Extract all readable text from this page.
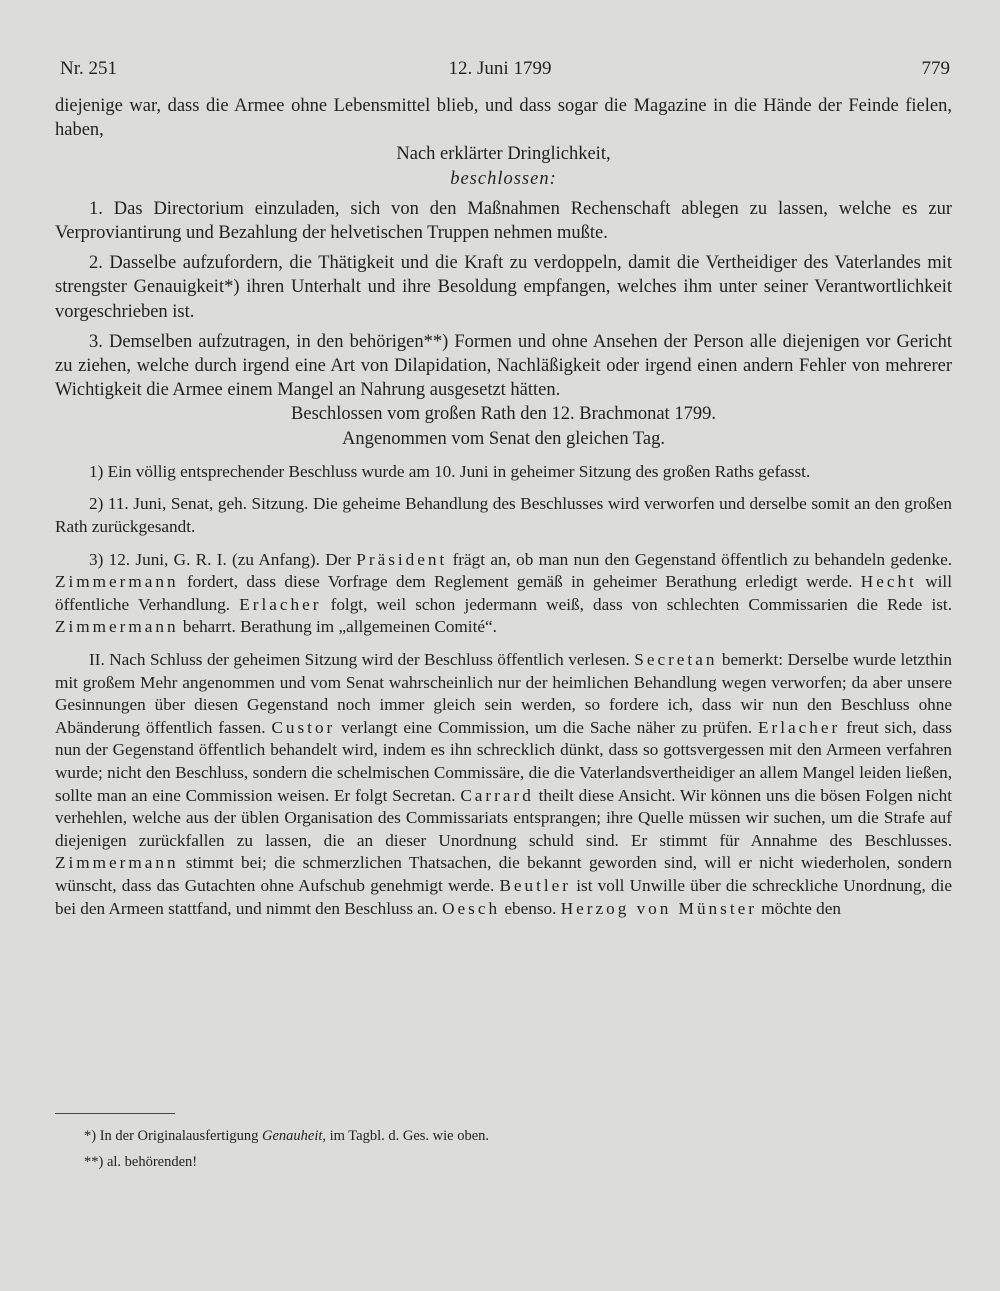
Nr. 251	12. Juni 1799	779

diejenige war, dass die Armee ohne Lebensmittel blieb, und dass sogar die Magazine in die Hände der Feinde fielen, haben,

Nach erklärter Dringlichkeit,

beschlossen:

1. Das Directorium einzuladen, sich von den Maßnahmen Rechenschaft ablegen zu lassen, welche es zur Verproviantirung und Bezahlung der helvetischen Truppen nehmen mußte.

2. Dasselbe aufzufordern, die Thätigkeit und die Kraft zu verdoppeln, damit die Vertheidiger des Vaterlandes mit strengster Genauigkeit*) ihren Unterhalt und ihre Besoldung empfangen, welches ihm unter seiner Verantwortlichkeit vorgeschrieben ist.

3. Demselben aufzutragen, in den behörigen**) Formen und ohne Ansehen der Person alle diejenigen vor Gericht zu ziehen, welche durch irgend eine Art von Dilapidation, Nachläßigkeit oder irgend einen andern Fehler von mehrerer Wichtigkeit die Armee einem Mangel an Nahrung ausgesetzt hätten.

Beschlossen vom großen Rath den 12. Brachmonat 1799.

Angenommen vom Senat den gleichen Tag.

1) Ein völlig entsprechender Beschluss wurde am 10. Juni in geheimer Sitzung des großen Raths gefasst.

2) 11. Juni, Senat, geh. Sitzung. Die geheime Behandlung des Beschlusses wird verworfen und derselbe somit an den großen Rath zurückgesandt.

3) 12. Juni, G. R. I. (zu Anfang). Der Präsident frägt an, ob man nun den Gegenstand öffentlich zu behandeln gedenke. Zimmermann fordert, dass diese Vorfrage dem Reglement gemäß in geheimer Berathung erledigt werde. Hecht will öffentliche Verhandlung. Erlacher folgt, weil schon jedermann weiß, dass von schlechten Commissarien die Rede ist. Zimmermann beharrt. Berathung im „allgemeinen Comité“.

II. Nach Schluss der geheimen Sitzung wird der Beschluss öffentlich verlesen. Secretan bemerkt: Derselbe wurde letzthin mit großem Mehr angenommen und vom Senat wahrscheinlich nur der heimlichen Behandlung wegen verworfen; da aber unsere Gesinnungen über diesen Gegenstand noch immer gleich sein werden, so fordere ich, dass wir nun den Beschluss ohne Abänderung öffentlich fassen. Custor verlangt eine Commission, um die Sache näher zu prüfen. Erlacher freut sich, dass nun der Gegenstand öffentlich behandelt wird, indem es ihn schrecklich dünkt, dass so gottsvergessen mit den Armeen verfahren wurde; nicht den Beschluss, sondern die schelmischen Commissäre, die die Vaterlandsvertheidiger an allem Mangel leiden ließen, sollte man an eine Commission weisen. Er folgt Secretan. Carrard theilt diese Ansicht. Wir können uns die bösen Folgen nicht verhehlen, welche aus der üblen Organisation des Commissariats entsprangen; ihre Quelle müssen wir suchen, um die Strafe auf diejenigen zurückfallen zu lassen, die an dieser Unordnung schuld sind. Er stimmt für Annahme des Beschlusses. Zimmermann stimmt bei; die schmerzlichen Thatsachen, die bekannt geworden sind, will er nicht wiederholen, sondern wünscht, dass das Gutachten ohne Aufschub genehmigt werde. Beutler ist voll Unwille über die schreckliche Unordnung, die bei den Armeen stattfand, und nimmt den Beschluss an. Oesch ebenso. Herzog von Münster möchte den

*) In der Originalausfertigung Genauheit, im Tagbl. d. Ges. wie oben.
**) al. behörenden!
